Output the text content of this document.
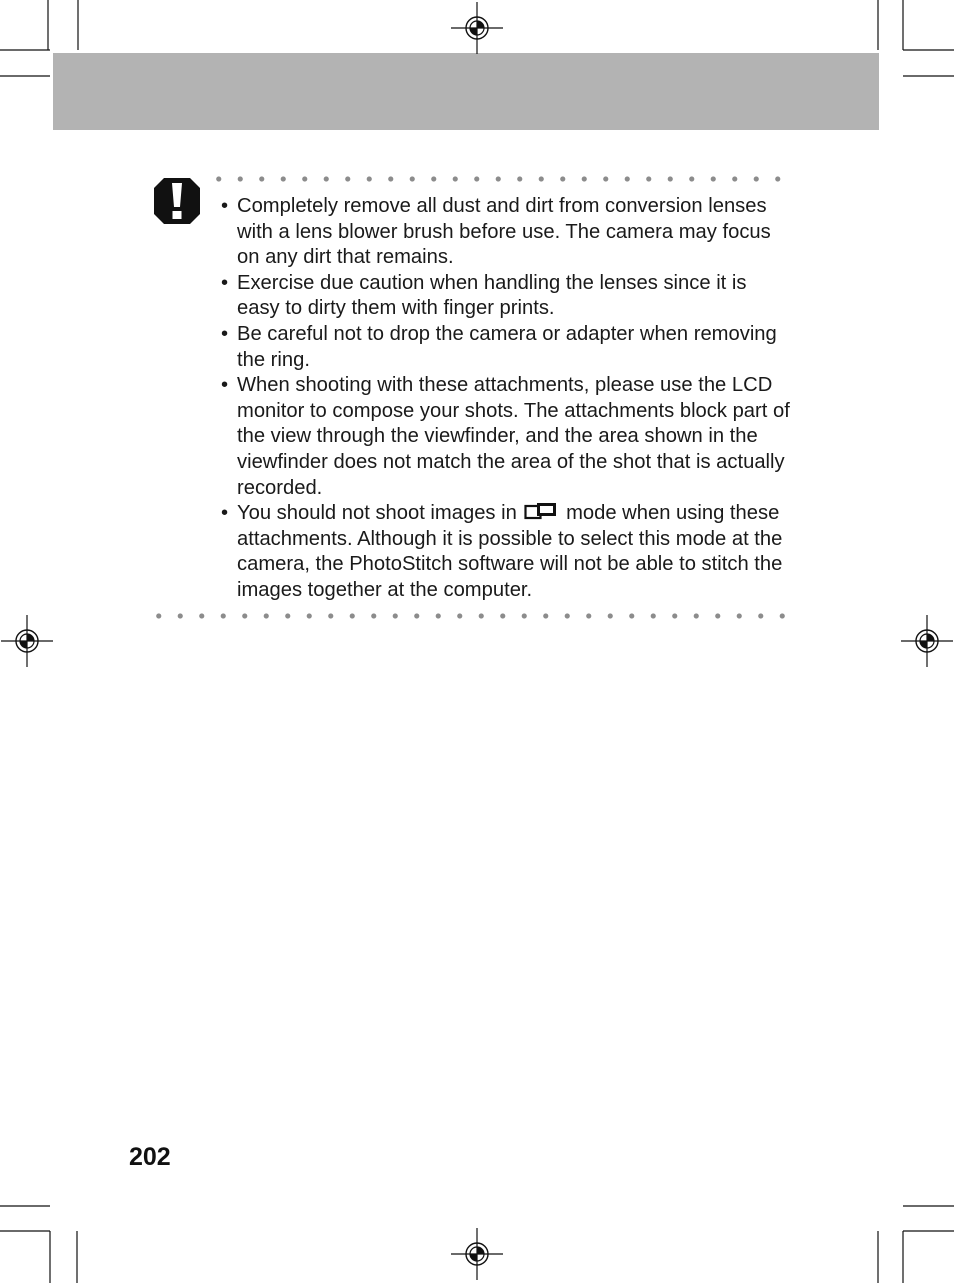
• Completely remove all dust and dirt from conversion lenses with a lens blower brush before use. The camera may focus on any dirt that remains.
• Exercise due caution when handling the lenses since it is easy to dirty them with finger prints.
• Be careful not to drop the camera or adapter when removing the ring.
• When shooting with these attachments, please use the LCD monitor to compose your shots. The attachments block part of the view through the viewfinder, and the area shown in the viewfinder does not match the area of the shot that is actually recorded.
• You should not shoot images in mode when using these attachments. Although it is possible to select this mode at the camera, the PhotoStitch software will not be able to stitch the images together at the computer.
202
